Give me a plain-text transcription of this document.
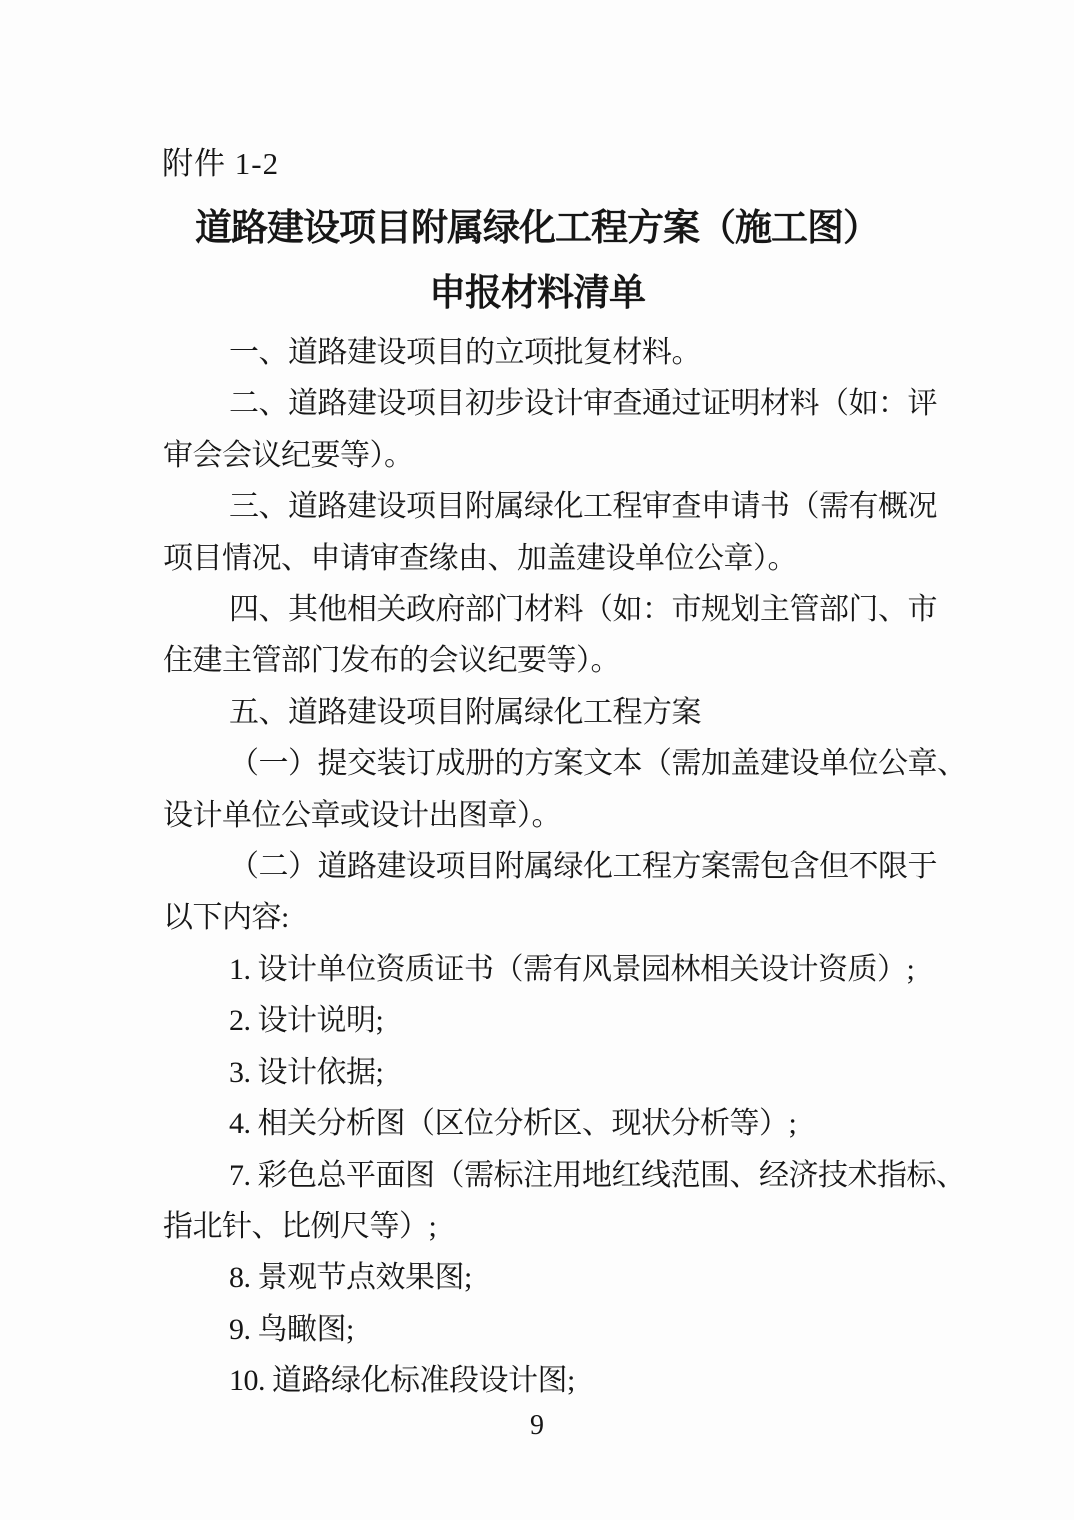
附件 1-2
道路建设项目附属绿化工程方案（施工图）
申报材料清单
一、道路建设项目的立项批复材料。
二、道路建设项目初步设计审查通过证明材料（如：评
审会会议纪要等）。
三、道路建设项目附属绿化工程审查申请书（需有概况
项目情况、申请审查缘由、加盖建设单位公章）。
四、其他相关政府部门材料（如：市规划主管部门、市
住建主管部门发布的会议纪要等）。
五、道路建设项目附属绿化工程方案
（一）提交装订成册的方案文本（需加盖建设单位公章、
设计单位公章或设计出图章）。
（二）道路建设项目附属绿化工程方案需包含但不限于
以下内容:
1. 设计单位资质证书（需有风景园林相关设计资质）;
2. 设计说明;
3. 设计依据;
4. 相关分析图（区位分析区、现状分析等）;
7. 彩色总平面图（需标注用地红线范围、经济技术指标、
指北针、比例尺等）;
8. 景观节点效果图;
9. 鸟瞰图;
10. 道路绿化标准段设计图;
9
